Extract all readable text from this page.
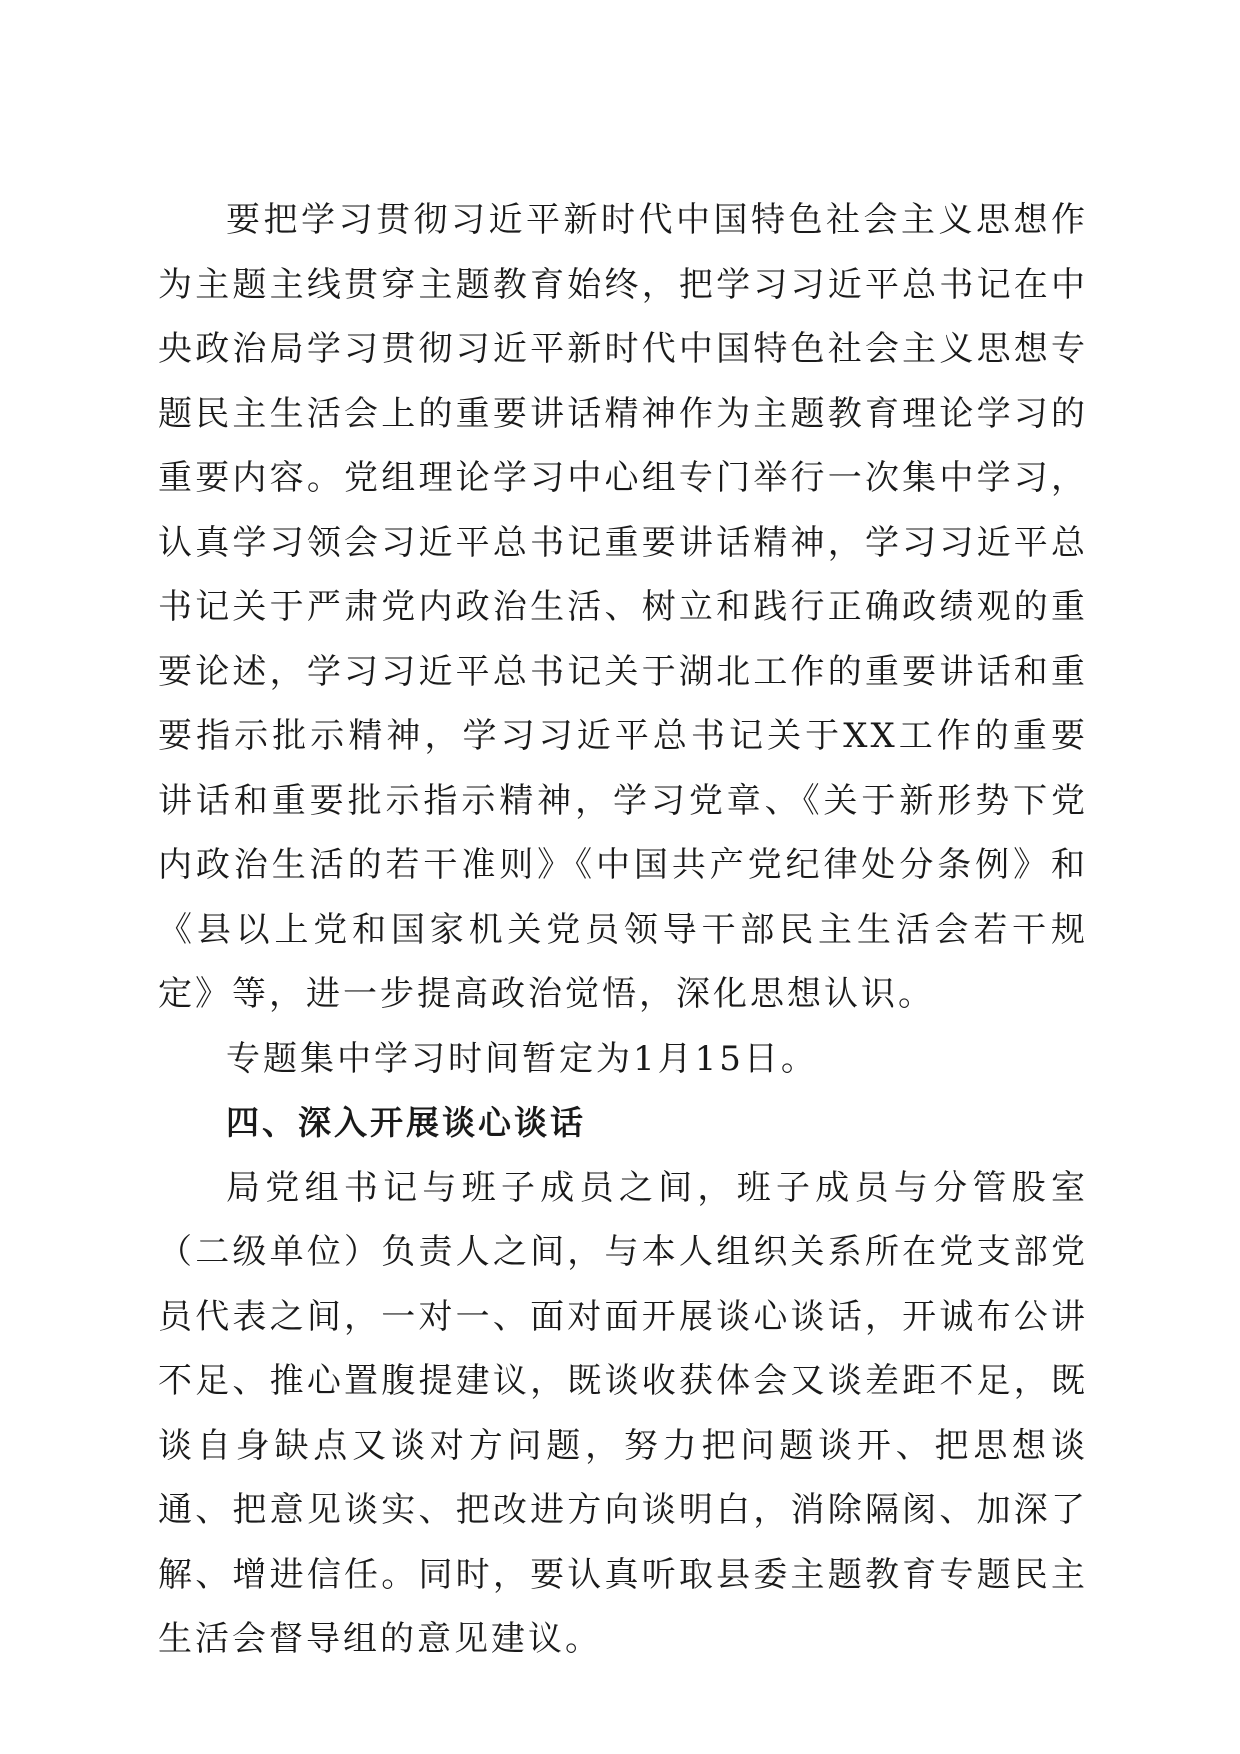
要把学习贯彻习近平新时代中国特色社会主义思想作为主题主线贯穿主题教育始终，把学习习近平总书记在中央政治局学习贯彻习近平新时代中国特色社会主义思想专题民主生活会上的重要讲话精神作为主题教育理论学习的重要内容。党组理论学习中心组专门举行一次集中学习，认真学习领会习近平总书记重要讲话精神，学习习近平总书记关于严肃党内政治生活、树立和践行正确政绩观的重要论述，学习习近平总书记关于湖北工作的重要讲话和重要指示批示精神，学习习近平总书记关于XX工作的重要讲话和重要批示指示精神，学习党章、《关于新形势下党内政治生活的若干准则》《中国共产党纪律处分条例》和《县以上党和国家机关党员领导干部民主生活会若干规定》等，进一步提高政治觉悟，深化思想认识。

专题集中学习时间暂定为1月15日。

四、深入开展谈心谈话

局党组书记与班子成员之间，班子成员与分管股室（二级单位）负责人之间，与本人组织关系所在党支部党员代表之间，一对一、面对面开展谈心谈话，开诚布公讲不足、推心置腹提建议，既谈收获体会又谈差距不足，既谈自身缺点又谈对方问题，努力把问题谈开、把思想谈通、把意见谈实、把改进方向谈明白，消除隔阂、加深了解、增进信任。同时，要认真听取县委主题教育专题民主生活会督导组的意见建议。
